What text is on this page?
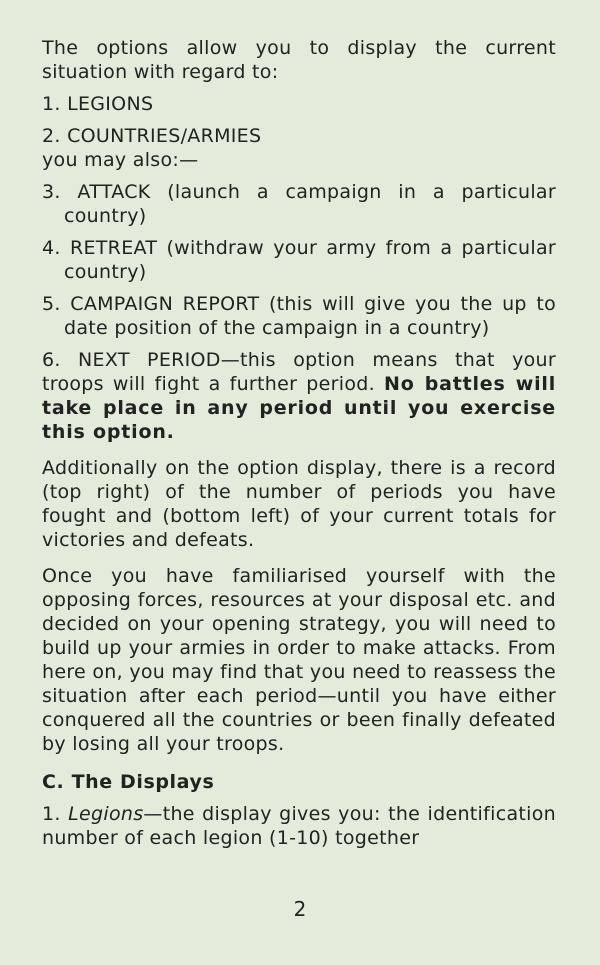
The options allow you to display the current situation with regard to:

1. LEGIONS

2. COUNTRIES/ARMIES

you may also:—

3. ATTACK (launch a campaign in a particular country)

4. RETREAT (withdraw your army from a particular country)

5. CAMPAIGN REPORT (this will give you the up to date position of the campaign in a country)

6. NEXT PERIOD—this option means that your troops will fight a further period. No battles will take place in any period until you exercise this option.

Additionally on the option display, there is a record (top right) of the number of periods you have fought and (bottom left) of your current totals for victories and defeats.

Once you have familiarised yourself with the opposing forces, resources at your disposal etc. and decided on your opening strategy, you will need to build up your armies in order to make attacks. From here on, you may find that you need to reassess the situation after each period—until you have either conquered all the countries or been finally defeated by losing all your troops.

C. The Displays

1. Legions—the display gives you: the identification number of each legion (1-10) together

2
